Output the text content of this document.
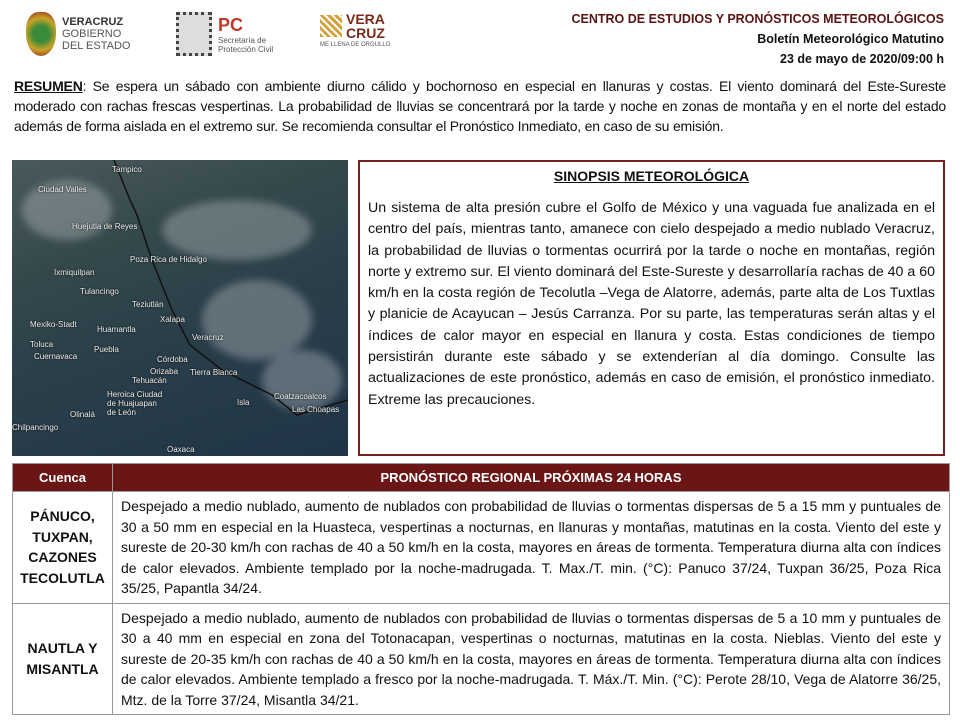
VERACRUZ
GOBIERNO
DEL ESTADO
PC
Secretaría de
Protección Civil
VERA
CRUZ
ME LLENA DE ORGULLO
CENTRO DE ESTUDIOS Y PRONÓSTICOS METEOROLÓGICOS
Boletín Meteorológico Matutino
23 de mayo de 2020/09:00 h
RESUMEN: Se espera un sábado con ambiente diurno cálido y bochornoso en especial en llanuras y costas. El viento dominará del Este-Sureste moderado con rachas frescas vespertinas. La probabilidad de lluvias se concentrará por la tarde y noche en zonas de montaña y en el norte del estado además de forma aislada en el extremo sur. Se recomienda consultar el Pronóstico Inmediato, en caso de su emisión.
Tampico
Ciudad Valles
Huejutla de Reyes
Poza Rica de Hidalgo
Ixmiquilpan
Tulancingo
Teziutlán
Xalapa
Veracruz
Mexiko-Stadt
Huamantla
Toluca
Puebla
Cuernavaca	Córdoba
Orizaba
Tehuacán
Tierra Blanca
Heroica Ciudad de Huajuapan de León
Olinalá
Chilpancingo
Isla
Coatzacoalcos
Las Choapas
Oaxaca
SINOPSIS METEOROLÓGICA

Un sistema de alta presión cubre el Golfo de México y una vaguada fue analizada en el centro del país, mientras tanto, amanece con cielo despejado a medio nublado Veracruz, la probabilidad de lluvias o tormentas ocurrirá por la tarde o noche en montañas, región norte y extremo sur. El viento dominará del Este-Sureste y desarrollaría rachas de 40 a 60 km/h en la costa región de Tecolutla –Vega de Alatorre, además, parte alta de Los Tuxtlas y planicie de Acayucan – Jesús Carranza. Por su parte, las temperaturas serán altas y el índices de calor mayor en especial en llanura y costa. Estas condiciones de tiempo persistirán durante este sábado y se extenderían al día domingo. Consulte las actualizaciones de este pronóstico, además en caso de emisión, el pronóstico inmediato. Extreme las precauciones.

Cuenca	PRONÓSTICO REGIONAL PRÓXIMAS 24 HORAS
PÁNUCO, TUXPAN, CAZONES TECOLUTLA	Despejado a medio nublado, aumento de nublados con probabilidad de lluvias o tormentas dispersas de 5 a 15 mm y puntuales de 30 a 50 mm en especial en la Huasteca, vespertinas a nocturnas, en llanuras y montañas, matutinas en la costa. Viento del este y sureste de 20-30 km/h con rachas de 40 a 50 km/h en la costa, mayores en áreas de tormenta. Temperatura diurna alta con índices de calor elevados. Ambiente templado por la noche-madrugada. T. Max./T. min. (°C): Panuco 37/24, Tuxpan 36/25, Poza Rica 35/25, Papantla 34/24.
NAUTLA Y MISANTLA	Despejado a medio nublado, aumento de nublados con probabilidad de lluvias o tormentas dispersas de 5 a 10 mm y puntuales de 30 a 40 mm en especial en zona del Totonacapan, vespertinas o nocturnas, matutinas en la costa. Nieblas. Viento del este y sureste de 20-35 km/h con rachas de 40 a 50 km/h en la costa, mayores en áreas de tormenta. Temperatura diurna alta con índices de calor elevados. Ambiente templado a fresco por la noche-madrugada. T. Máx./T. Min. (°C): Perote 28/10, Vega de Alatorre 36/25, Mtz. de la Torre 37/24, Misantla 34/21.
